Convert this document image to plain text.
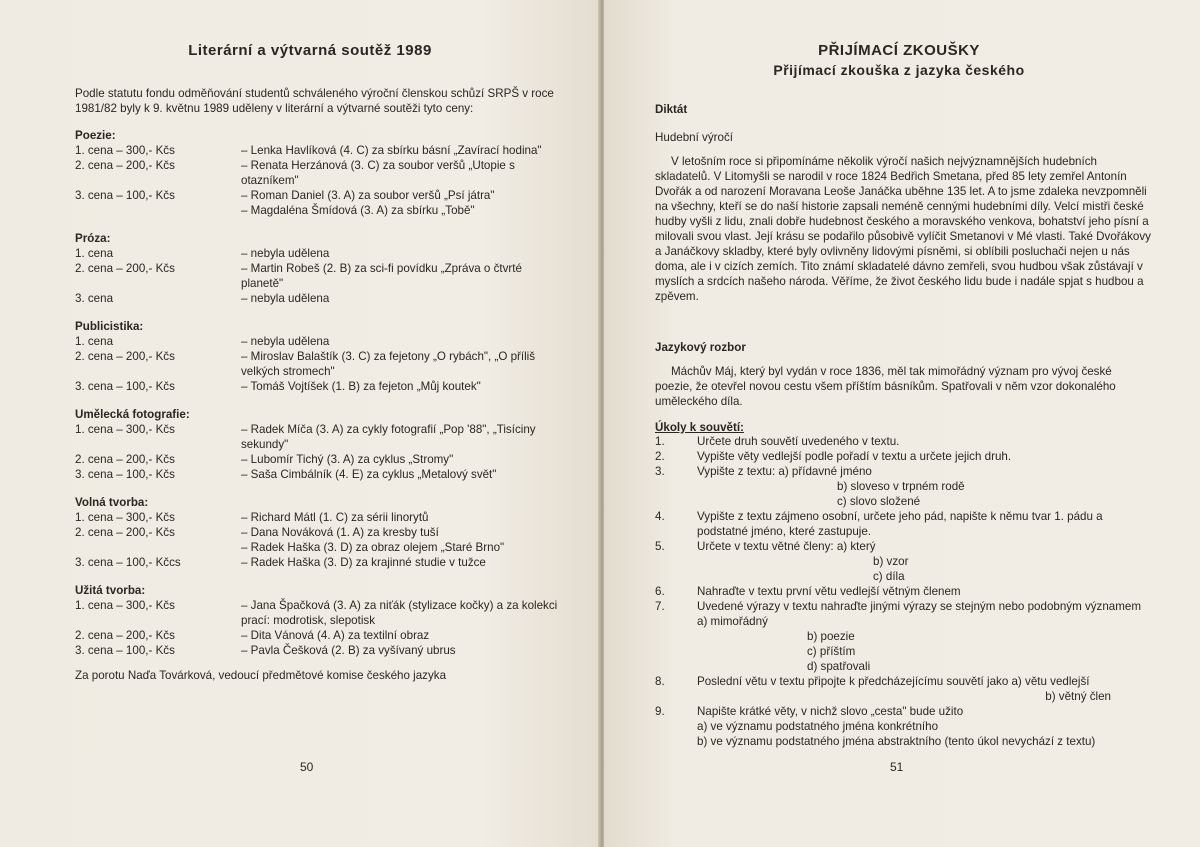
Literární a výtvarná soutěž 1989
Podle statutu fondu odměňování studentů schváleného výroční členskou schůzí SRPŠ v roce 1981/82 byly k 9. květnu 1989 uděleny v literární a výtvarné soutěži tyto ceny:
Poezie:
1. cena – 300,- Kčs	– Lenka Havlíková (4. C) za sbírku básní „Zavírací hodina"
2. cena – 200,- Kčs	– Renata Herzánová (3. C) za soubor veršů „Utopie s otazníkem"
3. cena – 100,- Kčs	– Roman Daniel (3. A) za soubor veršů „Psí játra"
– Magdaléna Šmídová (3. A) za sbírku „Tobě"
Próza:
1. cena	– nebyla udělena
2. cena – 200,- Kčs	– Martin Robeš (2. B) za sci-fi povídku „Zpráva o čtvrté planetě"
3. cena	– nebyla udělena
Publicistika:
1. cena	– nebyla udělena
2. cena – 200,- Kčs	– Miroslav Balaštík (3. C) za fejetony „O rybách", „O příliš velkých stromech"
3. cena – 100,- Kčs	– Tomáš Vojtíšek (1. B) za fejeton „Můj koutek"
Umělecká fotografie:
1. cena – 300,- Kčs	– Radek Míča (3. A) za cykly fotografií „Pop '88", „Tisíciny sekundy"
2. cena – 200,- Kčs	– Lubomír Tichý (3. A) za cyklus „Stromy"
3. cena – 100,- Kčs	– Saša Cimbálník (4. E) za cyklus „Metalový svět"
Volná tvorba:
1. cena – 300,- Kčs	– Richard Mátl (1. C) za sérii linorytů
2. cena – 200,- Kčs	– Dana Nováková (1. A) za kresby tuší
– Radek Haška (3. D) za obraz olejem „Staré Brno"
3. cena – 100,- Kčcs	– Radek Haška (3. D) za krajinné studie v tužce
Užitá tvorba:
1. cena – 300,- Kčs	– Jana Špačková (3. A) za niťák (stylizace kočky) a za kolekci prací: modrotisk, slepotisk
2. cena – 200,- Kčs	– Dita Vánová (4. A) za textilní obraz
3. cena – 100,- Kčs	– Pavla Češková (2. B) za vyšívaný ubrus
Za porotu Naďa Továrková, vedoucí předmětové komise českého jazyka
50
PŘIJÍMACÍ ZKOUŠKY
Přijímací zkouška z jazyka českého
Diktát
Hudební výročí
V letošním roce si připomínáme několik výročí našich nejvýznamnějších hudebních skladatelů. V Litomyšli se narodil v roce 1824 Bedřich Smetana, před 85 lety zemřel Antonín Dvořák a od narození Moravana Leoše Janáčka uběhne 135 let. A to jsme zdaleka nevzpomněli na všechny, kteří se do naší historie zapsali neméně cennými hudebními díly. Velcí mistři české hudby vyšli z lidu, znali dobře hudebnost českého a moravského venkova, bohatství jeho písní a milovali svou vlast. Její krásu se podařilo působivě vylíčit Smetanovi v Mé vlasti. Také Dvořákovy a Janáčkovy skladby, které byly ovlivněny lidovými písněmi, si oblíbili posluchači nejen u nás doma, ale i v cizích zemích. Tito známí skladatelé dávno zemřeli, svou hudbou však zůstávají v myslích a srdcích našeho národa. Věříme, že život českého lidu bude i nadále spjat s hudbou a zpěvem.
Jazykový rozbor
Máchův Máj, který byl vydán v roce 1836, měl tak mimořádný význam pro vývoj české poezie, že otevřel novou cestu všem příštím básníkům. Spatřovali v něm vzor dokonalého uměleckého díla.
Úkoly k souvětí:
1.	Určete druh souvětí uvedeného v textu.
2.	Vypište věty vedlejší podle pořadí v textu a určete jejich druh.
3.	Vypište z textu: a) přídavné jméno
b) sloveso v trpném rodě
c) slovo složené
4.	Vypište z textu zájmeno osobní, určete jeho pád, napište k němu tvar 1. pádu a podstatné jméno, které zastupuje.
5.	Určete v textu větné členy: a) který
b) vzor
c) díla
6.	Nahraďte v textu první větu vedlejší větným členem
7.	Uvedené výrazy v textu nahraďte jinými výrazy se stejným nebo podobným významem a) mimořádný
b) poezie
c) příštím
d) spatřovali
8.	Poslední větu v textu připojte k předcházejícímu souvětí jako a) větu vedlejší
b) větný člen
9.	Napište krátké věty, v nichž slovo „cesta" bude užito
a) ve významu podstatného jména konkrétního
b) ve významu podstatného jména abstraktního (tento úkol nevychází z textu)
51
